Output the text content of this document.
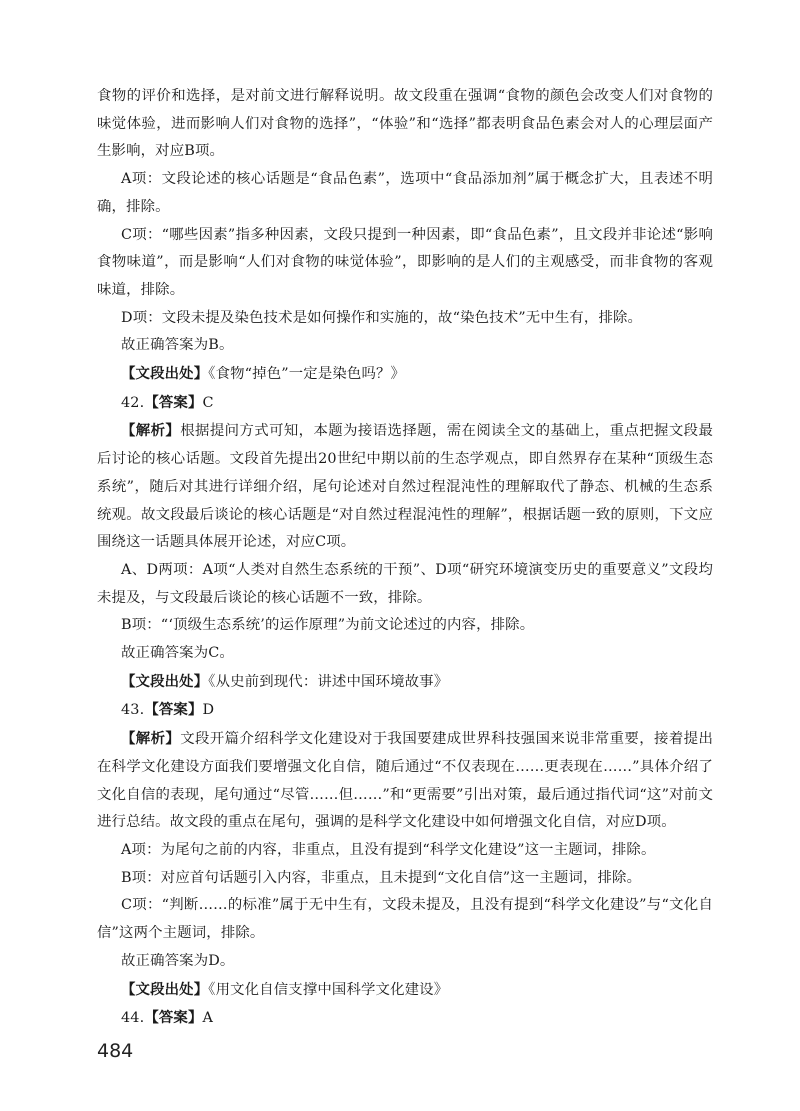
食物的评价和选择，是对前文进行解释说明。故文段重在强调“食物的颜色会改变人们对食物的味觉体验，进而影响人们对食物的选择”，“体验”和“选择”都表明食品色素会对人的心理层面产生影响，对应B项。

A项：文段论述的核心话题是“食品色素”，选项中“食品添加剂”属于概念扩大，且表述不明确，排除。

C项：“哪些因素”指多种因素，文段只提到一种因素，即“食品色素”，且文段并非论述“影响食物味道”，而是影响“人们对食物的味觉体验”，即影响的是人们的主观感受，而非食物的客观味道，排除。

D项：文段未提及染色技术是如何操作和实施的，故“染色技术”无中生有，排除。

故正确答案为B。

【文段出处】《食物“掉色”一定是染色吗？》

42.【答案】C

【解析】根据提问方式可知，本题为接语选择题，需在阅读全文的基础上，重点把握文段最后讨论的核心话题。文段首先提出20世纪中期以前的生态学观点，即自然界存在某种“顶级生态系统”，随后对其进行详细介绍，尾句论述对自然过程混沌性的理解取代了静态、机械的生态系统观。故文段最后谈论的核心话题是“对自然过程混沌性的理解”，根据话题一致的原则，下文应围绕这一话题具体展开论述，对应C项。

A、D两项：A项“人类对自然生态系统的干预”、D项“研究环境演变历史的重要意义”文段均未提及，与文段最后谈论的核心话题不一致，排除。

B项：“‘顶级生态系统’的运作原理”为前文论述过的内容，排除。

故正确答案为C。

【文段出处】《从史前到现代：讲述中国环境故事》

43.【答案】D

【解析】文段开篇介绍科学文化建设对于我国要建成世界科技强国来说非常重要，接着提出在科学文化建设方面我们要增强文化自信，随后通过“不仅表现在……更表现在……”具体介绍了文化自信的表现，尾句通过“尽管……但……”和“更需要”引出对策，最后通过指代词“这”对前文进行总结。故文段的重点在尾句，强调的是科学文化建设中如何增强文化自信，对应D项。

A项：为尾句之前的内容，非重点，且没有提到“科学文化建设”这一主题词，排除。

B项：对应首句话题引入内容，非重点，且未提到“文化自信”这一主题词，排除。

C项：“判断……的标准”属于无中生有，文段未提及，且没有提到“科学文化建设”与“文化自信”这两个主题词，排除。

故正确答案为D。

【文段出处】《用文化自信支撑中国科学文化建设》

44.【答案】A

484
